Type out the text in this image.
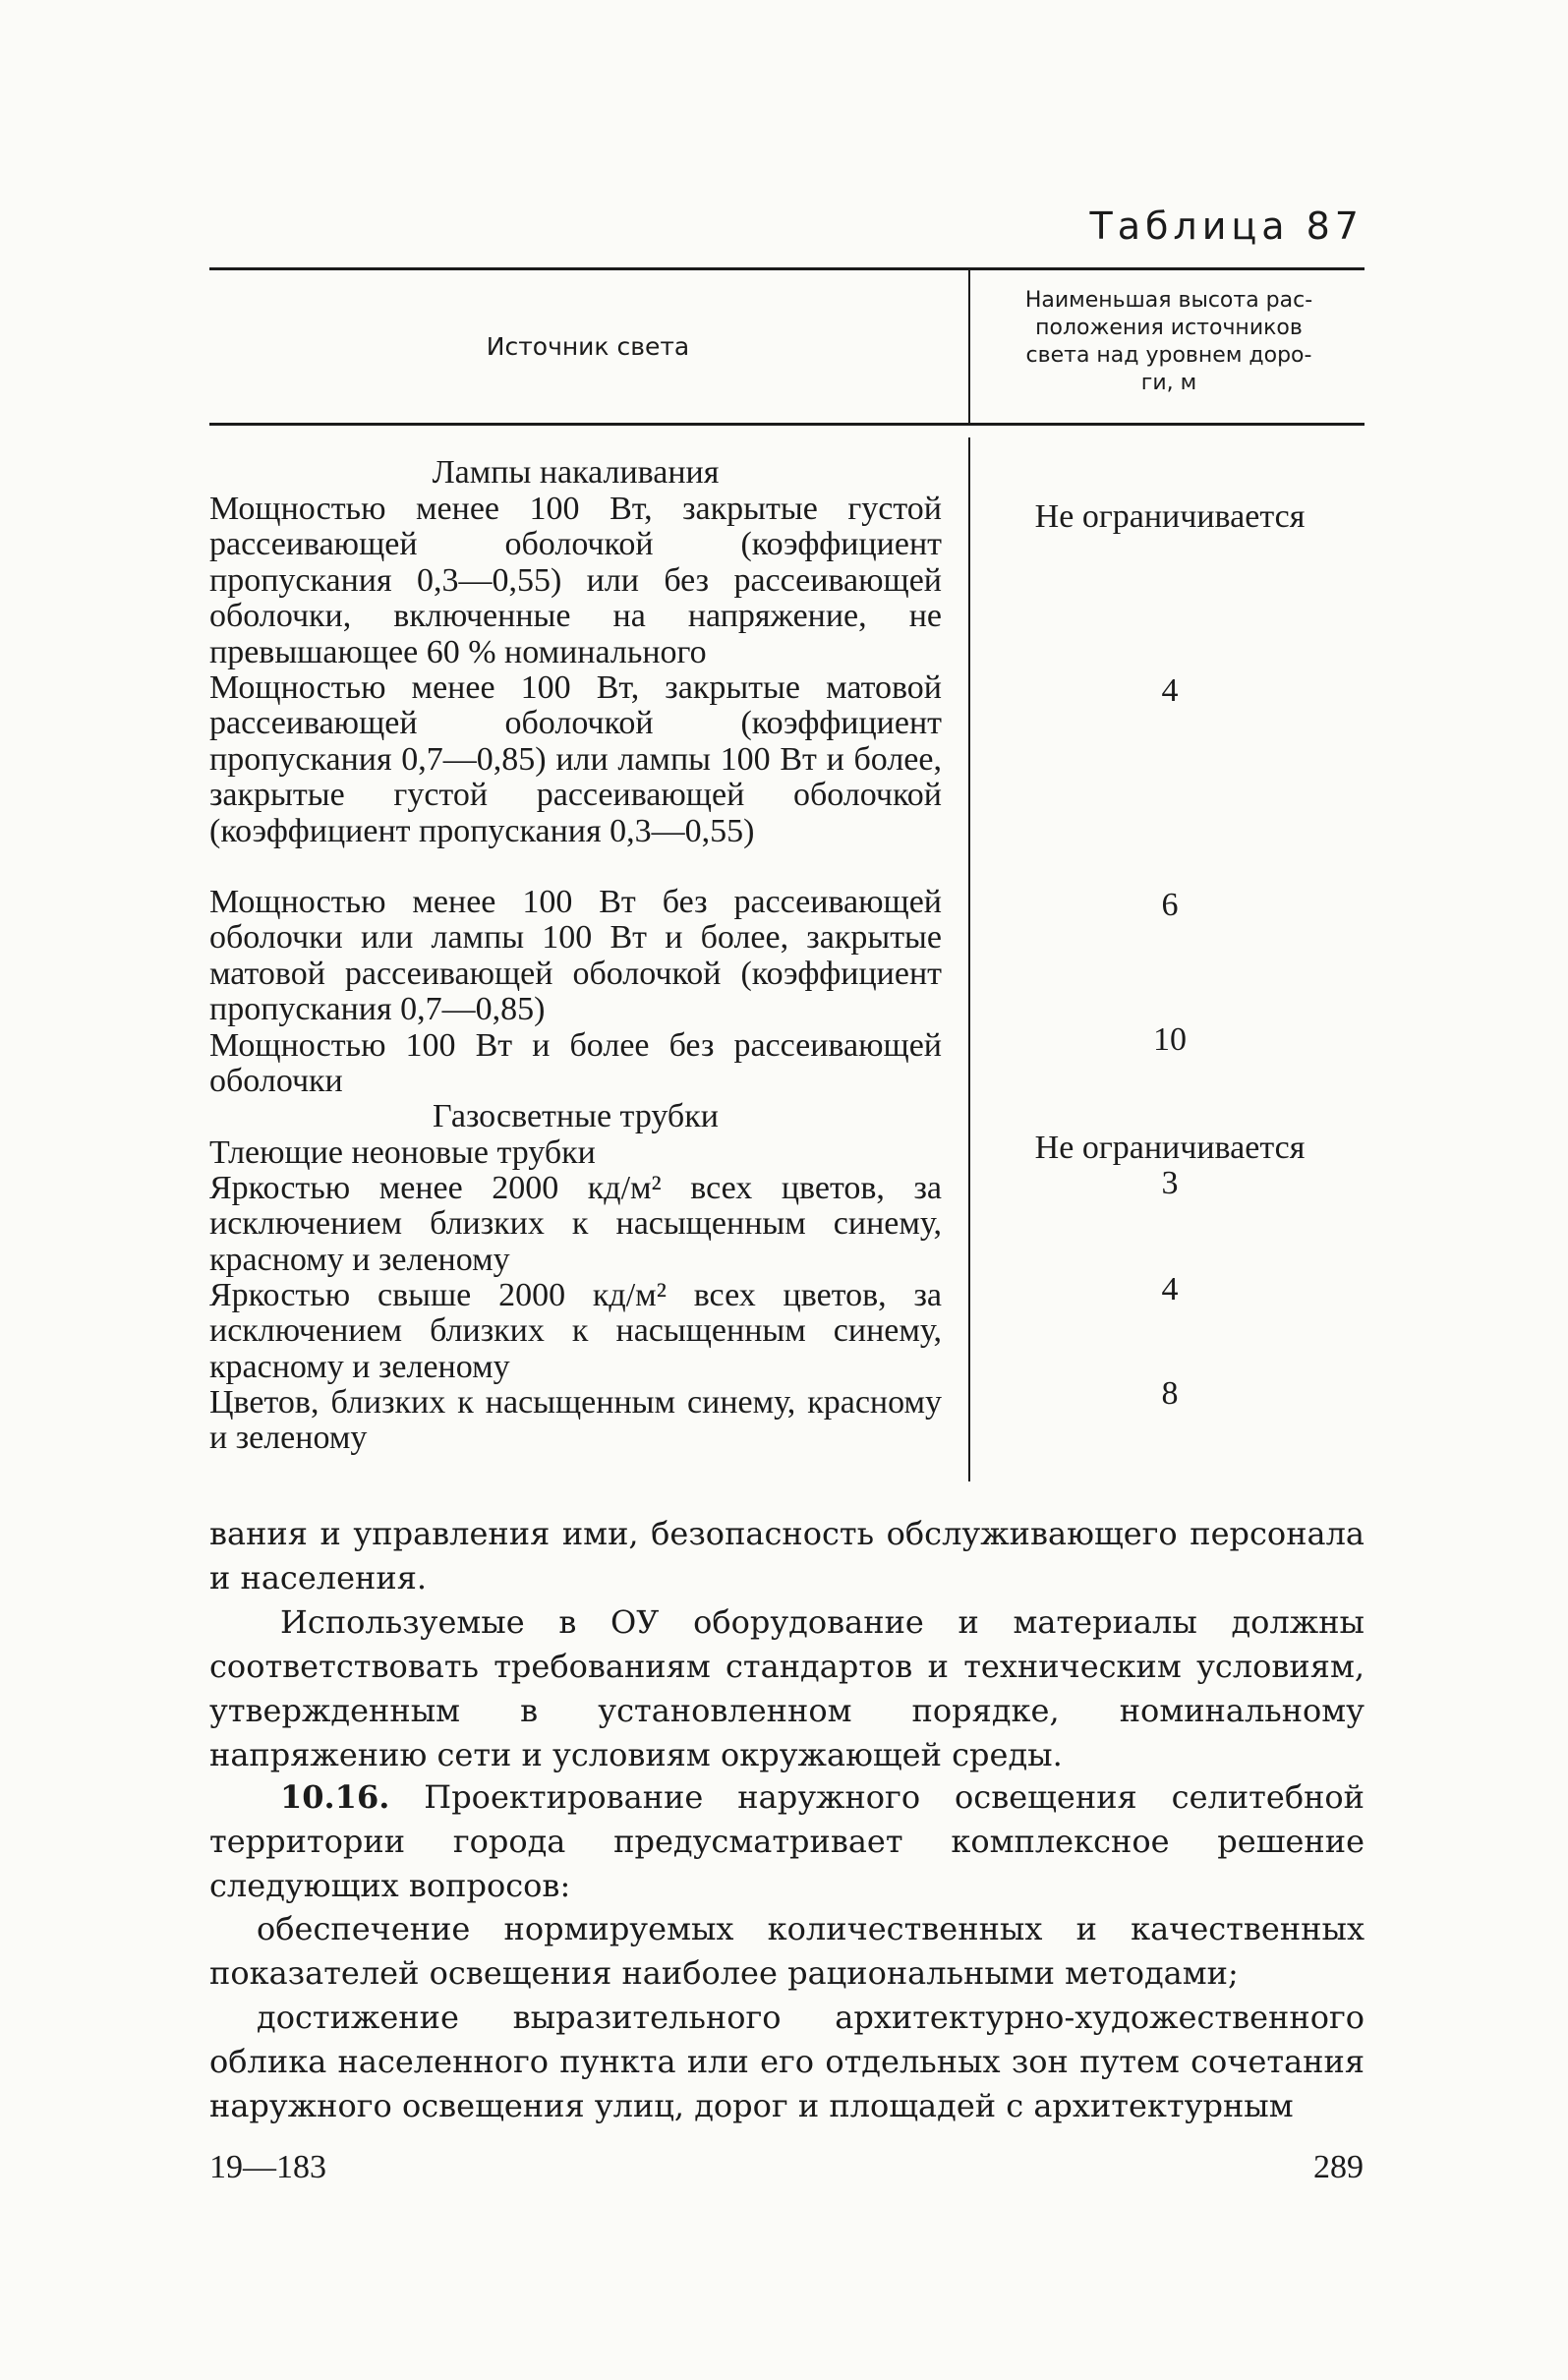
Таблица 87
Источник света
Наименьшая высота рас-
положения источников
света над уровнем доро-
ги, м
Лампы накаливания
Мощностью менее 100 Вт, закрытые густой рассеивающей оболочкой (коэффициент пропускания 0,3—0,55) или без рассеивающей оболочки, включенные на напряжение, не превышающее 60 % номинального
Не ограничивается
Мощностью менее 100 Вт, закрытые матовой рассеивающей оболочкой (коэффициент пропускания 0,7—0,85) или лампы 100 Вт и более, закрытые густой рассеивающей оболочкой (коэффициент пропускания 0,3—0,55)
4
Мощностью менее 100 Вт без рассеивающей оболочки или лампы 100 Вт и более, закрытые матовой рассеивающей оболочкой (коэффициент пропускания 0,7—0,85)
6
Мощностью 100 Вт и более без рассеивающей оболочки
10
Газосветные трубки
Тлеющие неоновые трубки	Не ограничивается
Яркостью менее 2000 кд/м² всех цветов, за исключением близких к насыщенным синему, красному и зеленому
3
Яркостью свыше 2000 кд/м² всех цветов, за исключением близких к насыщенным синему, красному и зеленому
4
Цветов, близких к насыщенным синему, красному и зеленому
8
вания и управления ими, безопасность обслуживающего персонала и населения.
Используемые в ОУ оборудование и материалы должны соответствовать требованиям стандартов и техническим условиям, утвержденным в установленном порядке, номинальному напряжению сети и условиям окружающей среды.
10.16. Проектирование наружного освещения селитебной территории города предусматривает комплексное решение следующих вопросов:
обеспечение нормируемых количественных и качественных показателей освещения наиболее рациональными методами;
достижение выразительного архитектурно-художественного облика населенного пункта или его отдельных зон путем сочетания наружного освещения улиц, дорог и площадей с архитектурным
19—183	289
